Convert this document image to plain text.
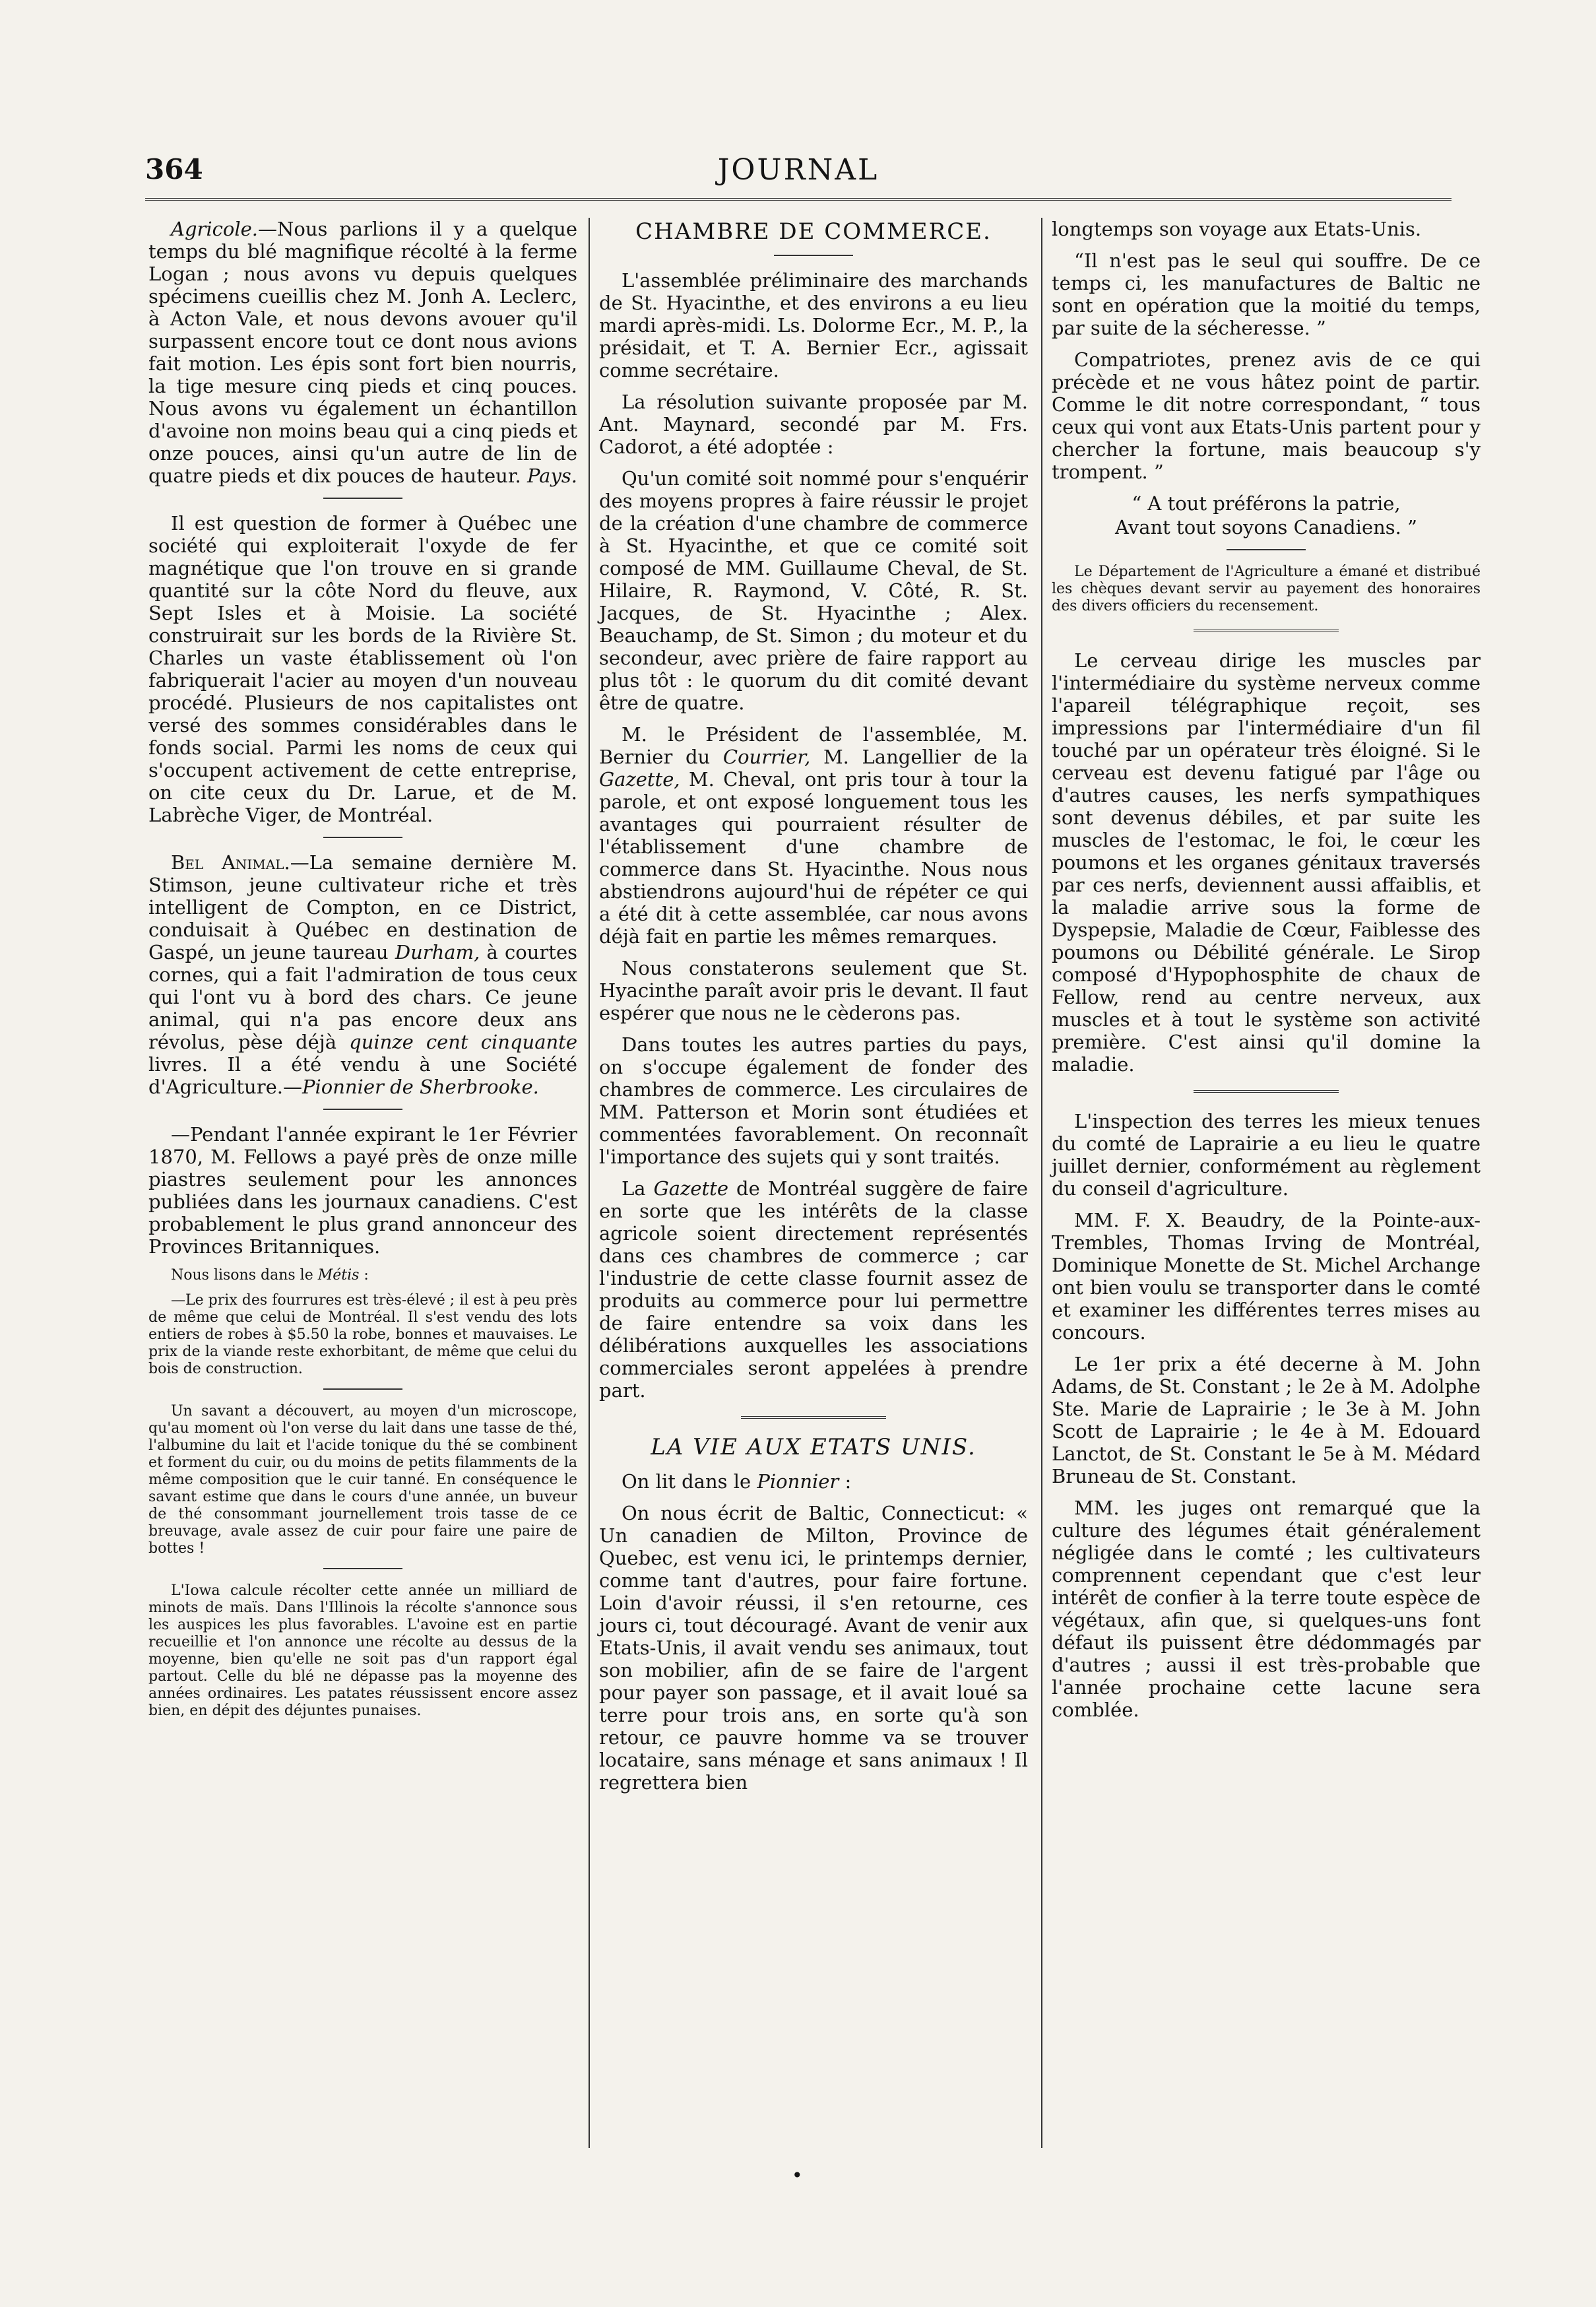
364	JOURNAL

Agricole.—Nous parlions il y a quelque temps du blé magnifique récolté à la ferme Logan ; nous avons vu depuis quelques spécimens cueillis chez M. Jonh A. Leclerc, à Acton Vale, et nous devons avouer qu'il surpassent encore tout ce dont nous avions fait motion. Les épis sont fort bien nourris, la tige mesure cinq pieds et cinq pouces. Nous avons vu également un échantillon d'avoine non moins beau qui a cinq pieds et onze pouces, ainsi qu'un autre de lin de quatre pieds et dix pouces de hauteur. Pays.

Il est question de former à Québec une société qui exploiterait l'oxyde de fer magnétique que l'on trouve en si grande quantité sur la côte Nord du fleuve, aux Sept Isles et à Moisie. La société construirait sur les bords de la Rivière St. Charles un vaste établissement où l'on fabriquerait l'acier au moyen d'un nouveau procédé. Plusieurs de nos capitalistes ont versé des sommes considérables dans le fonds social. Parmi les noms de ceux qui s'occupent activement de cette entreprise, on cite ceux du Dr. Larue, et de M. Labrèche Viger, de Montréal.

Bel Animal.—La semaine dernière M. Stimson, jeune cultivateur riche et très intelligent de Compton, en ce District, conduisait à Québec en destination de Gaspé, un jeune taureau Durham, à courtes cornes, qui a fait l'admiration de tous ceux qui l'ont vu à bord des chars. Ce jeune animal, qui n'a pas encore deux ans révolus, pèse déjà quinze cent cinquante livres. Il a été vendu à une Société d'Agriculture.—Pionnier de Sherbrooke.

—Pendant l'année expirant le 1er Février 1870, M. Fellows a payé près de onze mille piastres seulement pour les annonces publiées dans les journaux canadiens. C'est probablement le plus grand annonceur des Provinces Britanniques.

Nous lisons dans le Métis :

—Le prix des fourrures est très-élevé ; il est à peu près de même que celui de Montréal. Il s'est vendu des lots entiers de robes à $5.50 la robe, bonnes et mauvaises. Le prix de la viande reste exhorbitant, de même que celui du bois de construction.

Un savant a découvert, au moyen d'un microscope, qu'au moment où l'on verse du lait dans une tasse de thé, l'albumine du lait et l'acide tonique du thé se combinent et forment du cuir, ou du moins de petits filamments de la même composition que le cuir tanné. En conséquence le savant estime que dans le cours d'une année, un buveur de thé consommant journellement trois tasse de ce breuvage, avale assez de cuir pour faire une paire de bottes !

L'Iowa calcule récolter cette année un milliard de minots de maïs. Dans l'Illinois la récolte s'annonce sous les auspices les plus favorables. L'avoine est en partie recueillie et l'on annonce une récolte au dessus de la moyenne, bien qu'elle ne soit pas d'un rapport égal partout. Celle du blé ne dépasse pas la moyenne des années ordinaires. Les patates réussissent encore assez bien, en dépit des déjuntes punaises.

CHAMBRE DE COMMERCE.

L'assemblée préliminaire des marchands de St. Hyacinthe, et des environs a eu lieu mardi après-midi. Ls. Dolorme Ecr., M. P., la présidait, et T. A. Bernier Ecr., agissait comme secrétaire.

La résolution suivante proposée par M. Ant. Maynard, secondé par M. Frs. Cadorot, a été adoptée :

Qu'un comité soit nommé pour s'enquérir des moyens propres à faire réussir le projet de la création d'une chambre de commerce à St. Hyacinthe, et que ce comité soit composé de MM. Guillaume Cheval, de St. Hilaire, R. Raymond, V. Côté, R. St. Jacques, de St. Hyacinthe ; Alex. Beauchamp, de St. Simon ; du moteur et du secondeur, avec prière de faire rapport au plus tôt : le quorum du dit comité devant être de quatre.

M. le Président de l'assemblée, M. Bernier du Courrier, M. Langellier de la Gazette, M. Cheval, ont pris tour à tour la parole, et ont exposé longuement tous les avantages qui pourraient résulter de l'établissement d'une chambre de commerce dans St. Hyacinthe. Nous nous abstiendrons aujourd'hui de répéter ce qui a été dit à cette assemblée, car nous avons déjà fait en partie les mêmes remarques.

Nous constaterons seulement que St. Hyacinthe paraît avoir pris le devant. Il faut espérer que nous ne le cèderons pas.

Dans toutes les autres parties du pays, on s'occupe également de fonder des chambres de commerce. Les circulaires de MM. Patterson et Morin sont étudiées et commentées favorablement. On reconnaît l'importance des sujets qui y sont traités.

La Gazette de Montréal suggère de faire en sorte que les intérêts de la classe agricole soient directement représentés dans ces chambres de commerce ; car l'industrie de cette classe fournit assez de produits au commerce pour lui permettre de faire entendre sa voix dans les délibérations auxquelles les associations commerciales seront appelées à prendre part.

LA VIE AUX ETATS UNIS.

On lit dans le Pionnier :

On nous écrit de Baltic, Connecticut: « Un canadien de Milton, Province de Quebec, est venu ici, le printemps dernier, comme tant d'autres, pour faire fortune. Loin d'avoir réussi, il s'en retourne, ces jours ci, tout découragé. Avant de venir aux Etats-Unis, il avait vendu ses animaux, tout son mobilier, afin de se faire de l'argent pour payer son passage, et il avait loué sa terre pour trois ans, en sorte qu'à son retour, ce pauvre homme va se trouver locataire, sans ménage et sans animaux ! Il regrettera bien

longtemps son voyage aux Etats-Unis.

“Il n'est pas le seul qui souffre. De ce temps ci, les manufactures de Baltic ne sont en opération que la moitié du temps, par suite de la sécheresse. ”

Compatriotes, prenez avis de ce qui précède et ne vous hâtez point de partir. Comme le dit notre correspondant, “ tous ceux qui vont aux Etats-Unis partent pour y chercher la fortune, mais beaucoup s'y trompent. ”

“ A tout préférons la patrie,

Avant tout soyons Canadiens. ”

Le Département de l'Agriculture a émané et distribué les chèques devant servir au payement des honoraires des divers officiers du recensement.

Le cerveau dirige les muscles par l'intermédiaire du système nerveux comme l'apareil télégraphique reçoit, ses impressions par l'intermédiaire d'un fil touché par un opérateur très éloigné. Si le cerveau est devenu fatigué par l'âge ou d'autres causes, les nerfs sympathiques sont devenus débiles, et par suite les muscles de l'estomac, le foi, le cœur les poumons et les organes génitaux traversés par ces nerfs, deviennent aussi affaiblis, et la maladie arrive sous la forme de Dyspepsie, Maladie de Cœur, Faiblesse des poumons ou Débilité générale. Le Sirop composé d'Hypophosphite de chaux de Fellow, rend au centre nerveux, aux muscles et à tout le système son activité première. C'est ainsi qu'il domine la maladie.

L'inspection des terres les mieux tenues du comté de Laprairie a eu lieu le quatre juillet dernier, conformément au règlement du conseil d'agriculture.

MM. F. X. Beaudry, de la Pointe-aux-Trembles, Thomas Irving de Montréal, Dominique Monette de St. Michel Archange ont bien voulu se transporter dans le comté et examiner les différentes terres mises au concours.

Le 1er prix a été decerne à M. John Adams, de St. Constant ; le 2e à M. Adolphe Ste. Marie de Laprairie ; le 3e à M. John Scott de Laprairie ; le 4e à M. Edouard Lanctot, de St. Constant le 5e à M. Médard Bruneau de St. Constant.

MM. les juges ont remarqué que la culture des légumes était généralement négligée dans le comté ; les cultivateurs comprennent cependant que c'est leur intérêt de confier à la terre toute espèce de végétaux, afin que, si quelques-uns font défaut ils puissent être dédommagés par d'autres ; aussi il est très-probable que l'année prochaine cette lacune sera comblée.

•
